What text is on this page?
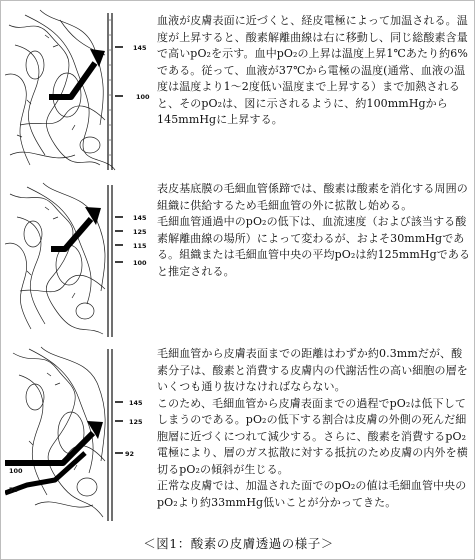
145
100
血液が皮膚表面に近づくと、経皮電極によって加温される。温度が上昇すると、酸素解離曲線は右に移動し、同じ総酸素含量で高いpO₂を示す。血中pO₂の上昇は温度上昇1℃あたり約6%である。従って、血液が37℃から電極の温度(通常、血液の温度は温度より1～2度低い温度まで上昇する）まで加熱されると、そのpO₂は、図に示されるように、約100mmHgから145mmHgに上昇する。
145
125
115
100
表皮基底膜の毛細血管係蹄では、酸素は酸素を消化する周囲の組織に供給するため毛細血管の外に拡散し始める。
毛細血管通過中のpO₂の低下は、血流速度（および該当する酸素解離曲線の場所）によって変わるが、およそ30mmHgである。組織または毛細血管中央の平均pO₂は約125mmHgであると推定される。
145
125
92
100
75
毛細血管から皮膚表面までの距離はわずか約0.3mmだが、酸素分子は、酸素と消費する皮膚内の代謝活性の高い細胞の層をいくつも通り抜けなければならない。
このため、毛細血管から皮膚表面までの過程でpO₂は低下してしまうのである。pO₂の低下する割合は皮膚の外側の死んだ細胞層に近づくにつれて減少する。さらに、酸素を消費するpO₂電極により、層のガス拡散に対する抵抗のため皮膚の内外を横切るpO₂の傾斜が生じる。
正常な皮膚では、加温された面でのpO₂の値は毛細血管中央のpO₂より約33mmHg低いことが分かってきた。
＜図1：酸素の皮膚透過の様子＞
